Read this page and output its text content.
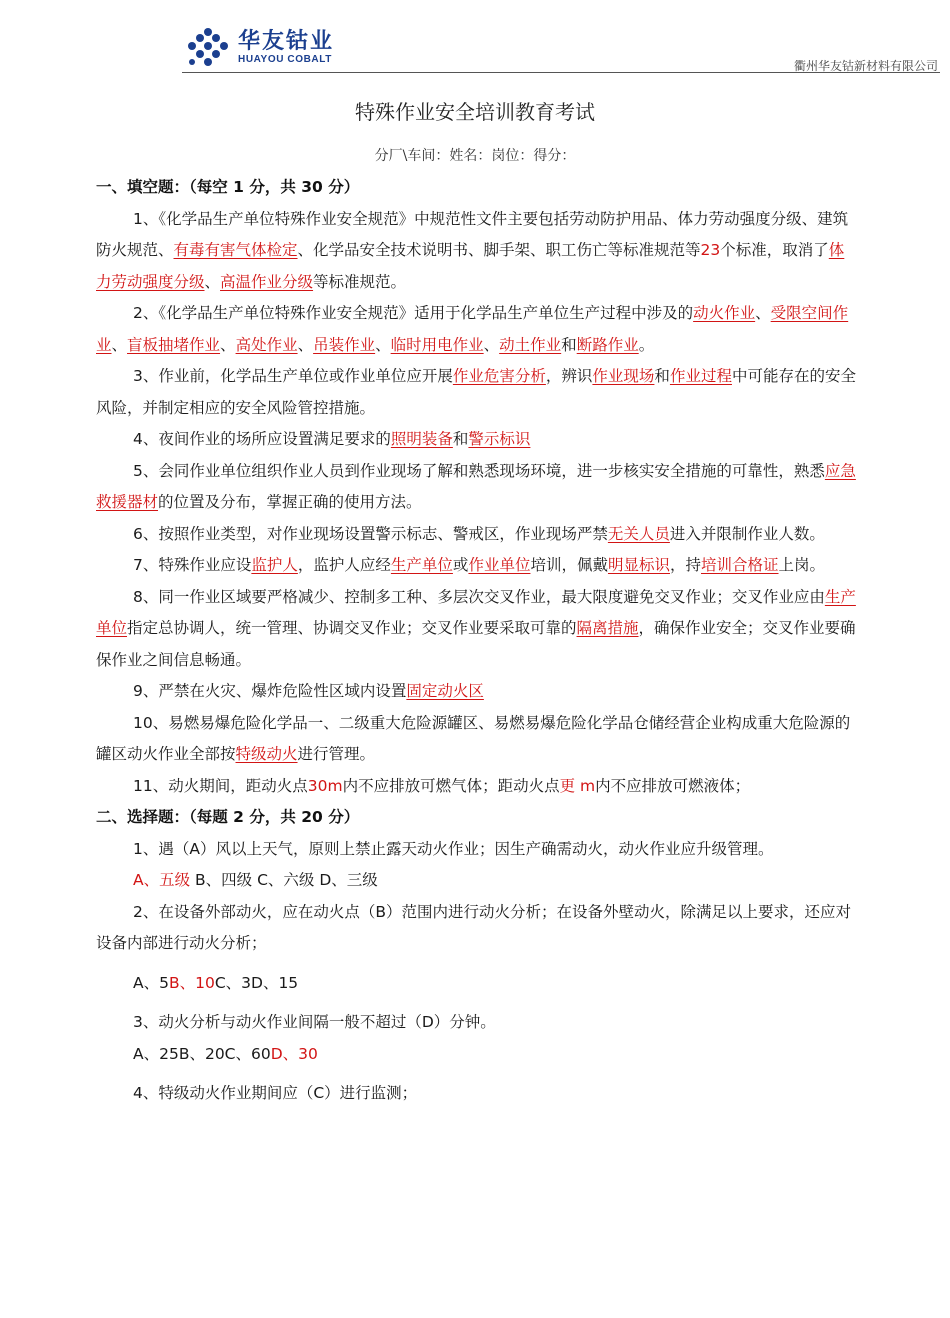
华友钴业
HUAYOU COBALT	衢州华友钴新材料有限公司
特殊作业安全培训教育考试
分厂\车间：姓名：岗位：得分：
一、填空题：（每空 1 分，共 30 分）
1、《化学品生产单位特殊作业安全规范》中规范性文件主要包括劳动防护用品、体力劳动强度分级、建筑防火规范、有毒有害气体检定、化学品安全技术说明书、脚手架、职工伤亡等标准规范等23个标准，取消了体力劳动强度分级、高温作业分级等标准规范。
2、《化学品生产单位特殊作业安全规范》适用于化学品生产单位生产过程中涉及的动火作业、受限空间作业、盲板抽堵作业、高处作业、吊装作业、临时用电作业、动土作业和断路作业。
3、作业前，化学品生产单位或作业单位应开展作业危害分析，辨识作业现场和作业过程中可能存在的安全风险，并制定相应的安全风险管控措施。
4、夜间作业的场所应设置满足要求的照明装备和警示标识
5、会同作业单位组织作业人员到作业现场了解和熟悉现场环境，进一步核实安全措施的可靠性，熟悉应急救援器材的位置及分布，掌握正确的使用方法。
6、按照作业类型，对作业现场设置警示标志、警戒区，作业现场严禁无关人员进入并限制作业人数。
7、特殊作业应设监护人，监护人应经生产单位或作业单位培训，佩戴明显标识，持培训合格证上岗。
8、同一作业区域要严格减少、控制多工种、多层次交叉作业，最大限度避免交叉作业；交叉作业应由生产单位指定总协调人，统一管理、协调交叉作业；交叉作业要采取可靠的隔离措施，确保作业安全；交叉作业要确保作业之间信息畅通。
9、严禁在火灾、爆炸危险性区域内设置固定动火区
10、易燃易爆危险化学品一、二级重大危险源罐区、易燃易爆危险化学品仓储经营企业构成重大危险源的罐区动火作业全部按特级动火进行管理。
11、动火期间，距动火点30m内不应排放可燃气体；距动火点更 m内不应排放可燃液体；
二、选择题：（每题 2 分，共 20 分）
1、遇（A）风以上天气，原则上禁止露天动火作业；因生产确需动火，动火作业应升级管理。
A、五级 B、四级 C、六级 D、三级
2、在设备外部动火，应在动火点（B）范围内进行动火分析；在设备外壁动火，除满足以上要求，还应对设备内部进行动火分析；
A、5B、10C、3D、15
3、动火分析与动火作业间隔一般不超过（D）分钟。
A、25B、20C、60D、30
4、特级动火作业期间应（C）进行监测；
